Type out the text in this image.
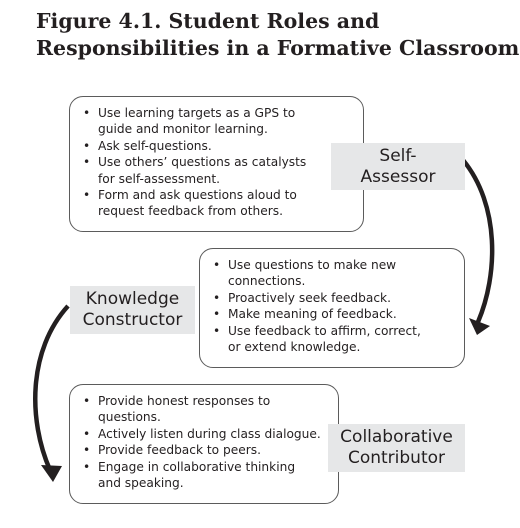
Figure 4.1. Student Roles and
Responsibilities in a Formative Classroom
• Use learning targets as a GPS to
guide and monitor learning.
• Ask self-questions.
• Use others’ questions as catalysts
for self-assessment.
• Form and ask questions aloud to
request feedback from others.
• Use questions to make new
connections.
• Proactively seek feedback.
• Make meaning of feedback.
• Use feedback to affirm, correct,
or extend knowledge.
• Provide honest responses to
questions.
• Actively listen during class dialogue.
• Provide feedback to peers.
• Engage in collaborative thinking
and speaking.
Self-
Assessor
Knowledge
Constructor
Collaborative
Contributor
